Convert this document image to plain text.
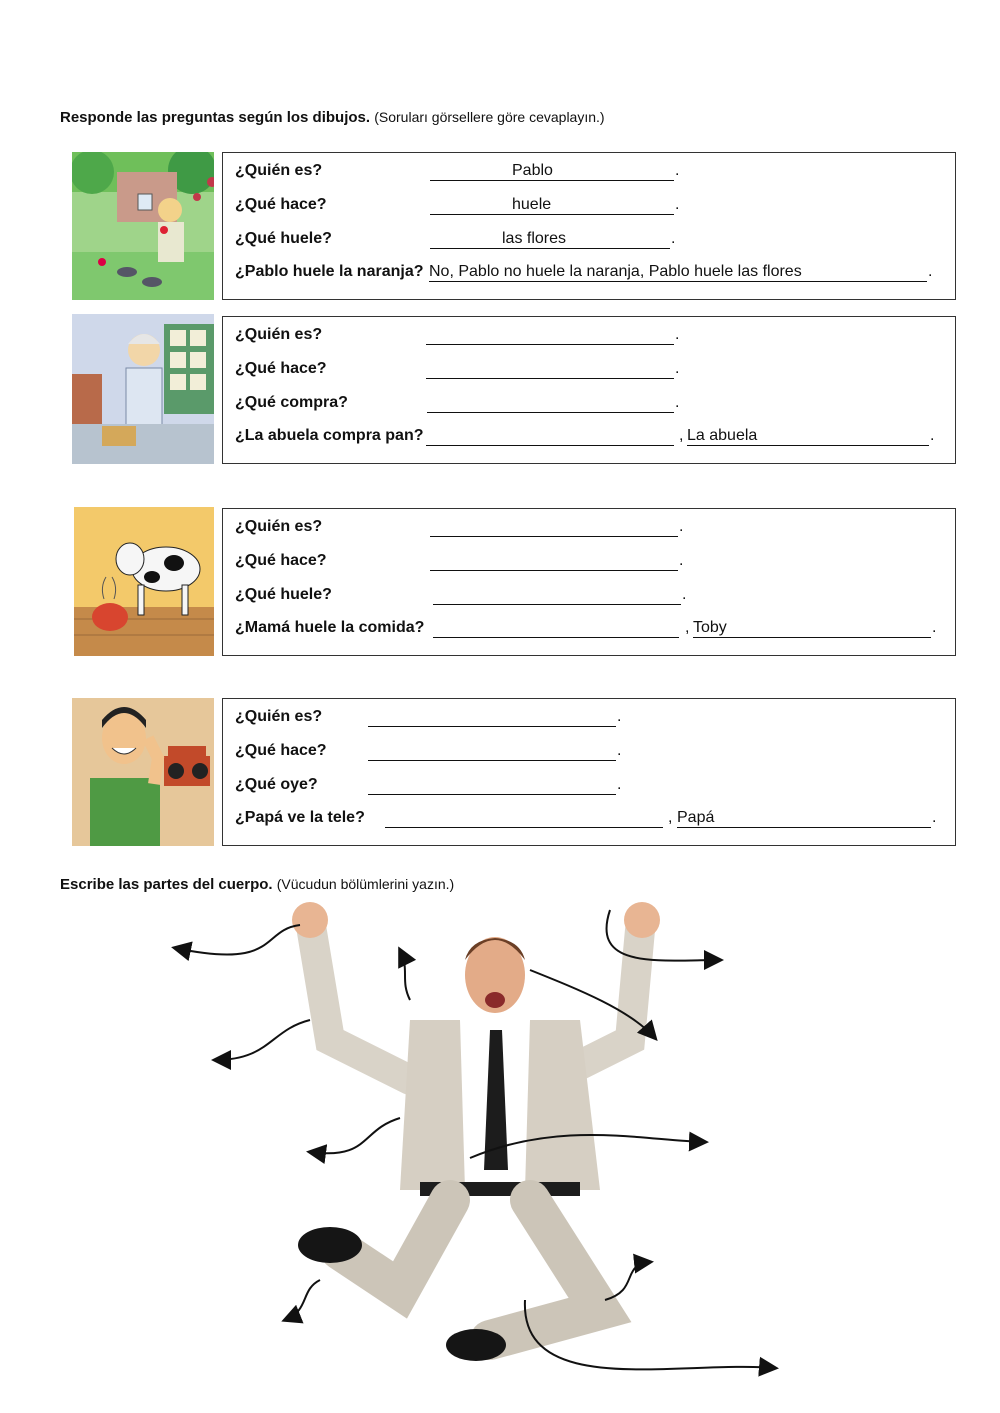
Responde las preguntas según los dibujos. (Soruları görsellere göre cevaplayın.)
¿Quién es?	Pablo	.
¿Qué hace?	huele	.
¿Qué huele?	las flores	.
¿Pablo huele la naranja? No, Pablo no huele la naranja, Pablo huele las flores	.
¿Quién es?	.
¿Qué hace?	.
¿Qué compra?	.
¿La abuela compra pan?	, La abuela	.
¿Quién es?	.
¿Qué hace?	.
¿Qué huele?	.
¿Mamá huele la comida?	, Toby	.
¿Quién es?	.
¿Qué hace?	.
¿Qué oye?	.
¿Papá ve la tele?	, Papá	.
Escribe las partes del cuerpo. (Vücudun bölümlerini yazın.)
